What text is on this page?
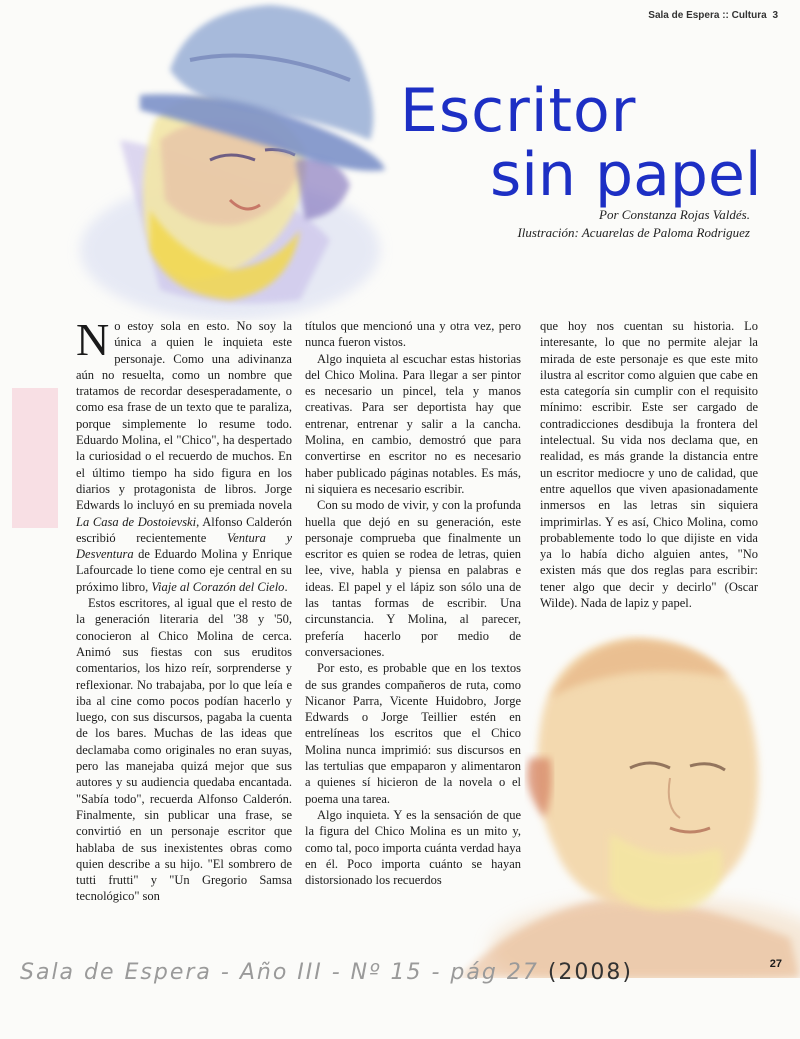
Sala de Espera :: Cultura 3
Escritor
sin papel
Por Constanza Rojas Valdés.
Ilustración: Acuarelas de Paloma Rodriguez

No estoy sola en esto. No soy la única a quien le inquieta este personaje. Como una adivinanza aún no resuelta, como un nombre que tratamos de recordar desesperadamente, o como esa frase de un texto que te paraliza, porque simplemente lo resume todo. Eduardo Molina, el "Chico", ha despertado la curiosidad o el recuerdo de muchos. En el último tiempo ha sido figura en los diarios y protagonista de libros. Jorge Edwards lo incluyó en su premiada novela La Casa de Dostoievski, Alfonso Calderón escribió recientemente Ventura y Desventura de Eduardo Molina y Enrique Lafourcade lo tiene como eje central en su próximo libro, Viaje al Corazón del Cielo.

Estos escritores, al igual que el resto de la generación literaria del '38 y '50, conocieron al Chico Molina de cerca. Animó sus fiestas con sus eruditos comentarios, los hizo reír, sorprenderse y reflexionar. No trabajaba, por lo que leía e iba al cine como pocos podían hacerlo y luego, con sus discursos, pagaba la cuenta de los bares. Muchas de las ideas que declamaba como originales no eran suyas, pero las manejaba quizá mejor que sus autores y su audiencia quedaba encantada. "Sabía todo", recuerda Alfonso Calderón. Finalmente, sin publicar una frase, se convirtió en un personaje escritor que hablaba de sus inexistentes obras como quien describe a su hijo. "El sombrero de tutti frutti" y "Un Gregorio Samsa tecnológico" son

títulos que mencionó una y otra vez, pero nunca fueron vistos.

Algo inquieta al escuchar estas historias del Chico Molina. Para llegar a ser pintor es necesario un pincel, tela y manos creativas. Para ser deportista hay que entrenar, entrenar y salir a la cancha. Molina, en cambio, demostró que para convertirse en escritor no es necesario haber publicado páginas notables. Es más, ni siquiera es necesario escribir.

Con su modo de vivir, y con la profunda huella que dejó en su generación, este personaje comprueba que finalmente un escritor es quien se rodea de letras, quien lee, vive, habla y piensa en palabras e ideas. El papel y el lápiz son sólo una de las tantas formas de escribir. Una circunstancia. Y Molina, al parecer, prefería hacerlo por medio de conversaciones.

Por esto, es probable que en los textos de sus grandes compañeros de ruta, como Nicanor Parra, Vicente Huidobro, Jorge Edwards o Jorge Teillier estén en entrelíneas los escritos que el Chico Molina nunca imprimió: sus discursos en las tertulias que empaparon y alimentaron a quienes sí hicieron de la novela o el poema una tarea.

Algo inquieta. Y es la sensación de que la figura del Chico Molina es un mito y, como tal, poco importa cuánta verdad haya en él. Poco importa cuánto se hayan distorsionado los recuerdos

que hoy nos cuentan su historia. Lo interesante, lo que no permite alejar la mirada de este personaje es que este mito ilustra al escritor como alguien que cabe en esta categoría sin cumplir con el requisito mínimo: escribir. Este ser cargado de contradicciones desdibuja la frontera del intelectual. Su vida nos declama que, en realidad, es más grande la distancia entre un escritor mediocre y uno de calidad, que entre aquellos que viven apasionadamente inmersos en las letras sin siquiera imprimirlas. Y es así, Chico Molina, como probablemente todo lo que dijiste en vida ya lo había dicho alguien antes, "No existen más que dos reglas para escribir: tener algo que decir y decirlo" (Oscar Wilde). Nada de lapiz y papel.

27
Sala de Espera - Año III - Nº 15 - pág 27 (2008)
